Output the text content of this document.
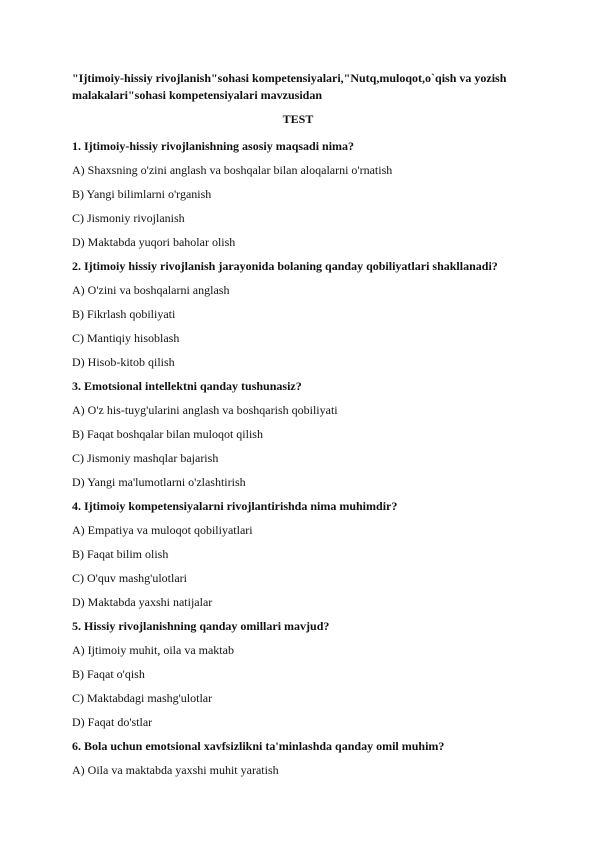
"Ijtimoiy-hissiy rivojlanish"sohasi kompetensiyalari,"Nutq,muloqot,o`qish va yozish malakalari"sohasi kompetensiyalari mavzusidan

TEST

1. Ijtimoiy-hissiy rivojlanishning asosiy maqsadi nima?
A) Shaxsning o'zini anglash va boshqalar bilan aloqalarni o'rnatish
B) Yangi bilimlarni o'rganish
C) Jismoniy rivojlanish
D) Maktabda yuqori baholar olish
2. Ijtimoiy hissiy rivojlanish jarayonida bolaning qanday qobiliyatlari shakllanadi?
A) O'zini va boshqalarni anglash
B) Fikrlash qobiliyati
C) Mantiqiy hisoblash
D) Hisob-kitob qilish
3. Emotsional intellektni qanday tushunasiz?
A) O'z his-tuyg'ularini anglash va boshqarish qobiliyati
B) Faqat boshqalar bilan muloqot qilish
C) Jismoniy mashqlar bajarish
D) Yangi ma'lumotlarni o'zlashtirish
4. Ijtimoiy kompetensiyalarni rivojlantirishda nima muhimdir?
A) Empatiya va muloqot qobiliyatlari
B) Faqat bilim olish
C) O'quv mashg'ulotlari
D) Maktabda yaxshi natijalar
5. Hissiy rivojlanishning qanday omillari mavjud?
A) Ijtimoiy muhit, oila va maktab
B) Faqat o'qish
C) Maktabdagi mashg'ulotlar
D) Faqat do'stlar
6. Bola uchun emotsional xavfsizlikni ta'minlashda qanday omil muhim?
A) Oila va maktabda yaxshi muhit yaratish
